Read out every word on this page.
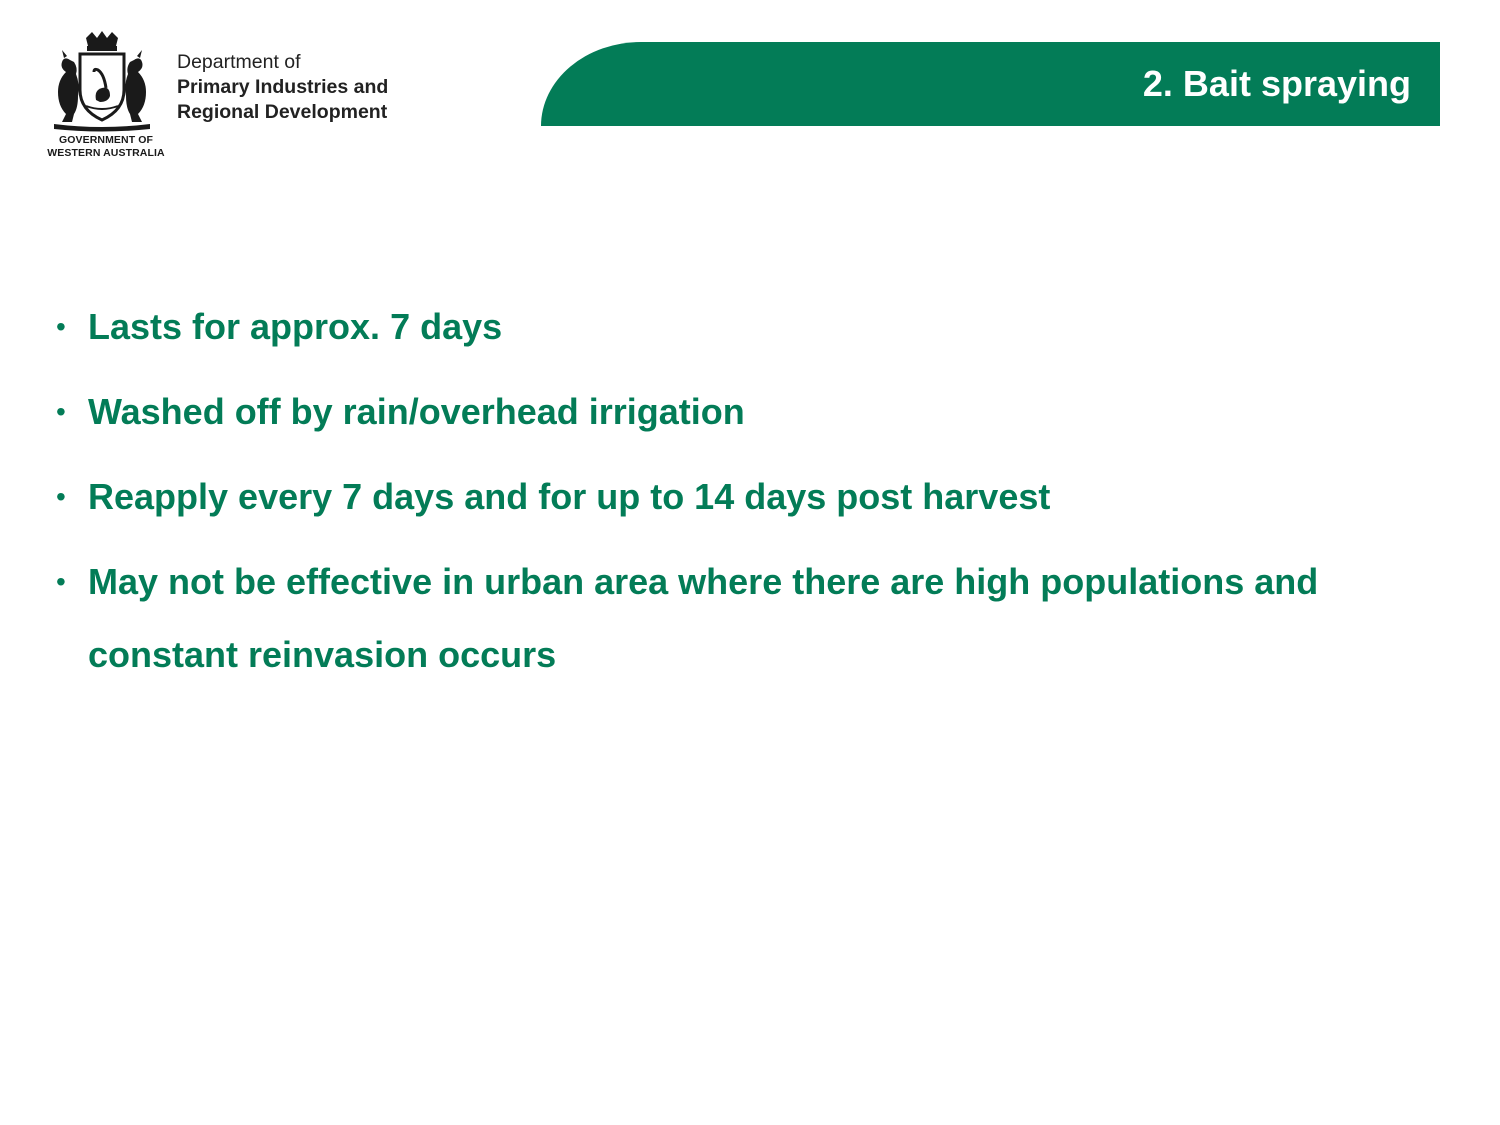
GOVERNMENT OF
WESTERN AUSTRALIA
Department of
Primary Industries and
Regional Development
2. Bait spraying
• Lasts for approx. 7 days
• Washed off by rain/overhead irrigation
• Reapply every 7 days and for up to 14 days post harvest
• May not be effective in urban area where there are high populations and constant reinvasion occurs
